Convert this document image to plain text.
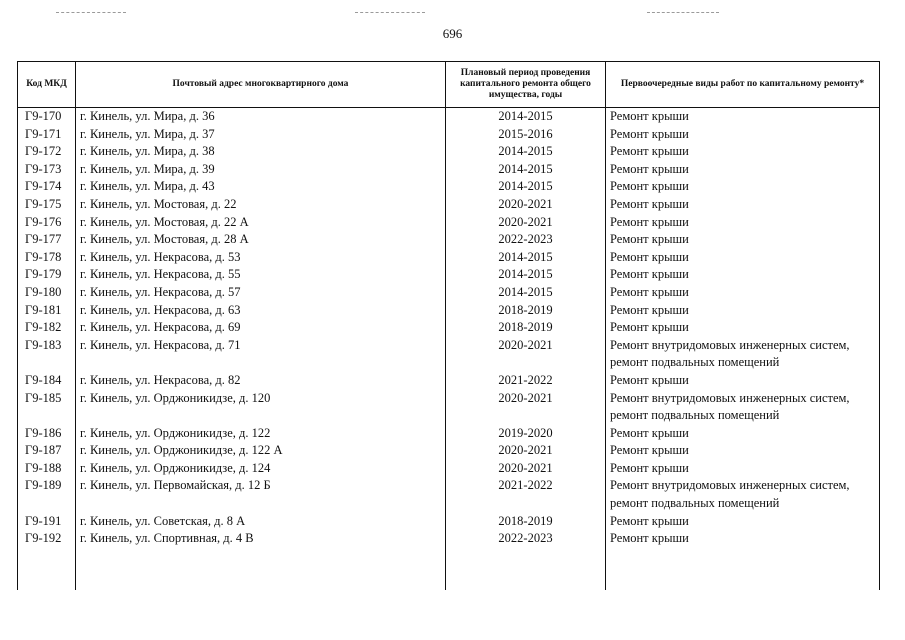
696
Код МКД	Почтовый адрес многоквартирного дома	Плановый период проведения капитального ремонта общего имущества, годы	Первоочередные виды работ по капитальному ремонту*
Г9-170	г. Кинель, ул. Мира, д. 36	2014-2015	Ремонт крыши

Г9-171	г. Кинель, ул. Мира, д. 37	2015-2016	Ремонт крыши

Г9-172	г. Кинель, ул. Мира, д. 38	2014-2015	Ремонт крыши

Г9-173	г. Кинель, ул. Мира, д. 39	2014-2015	Ремонт крыши

Г9-174	г. Кинель, ул. Мира, д. 43	2014-2015	Ремонт крыши

Г9-175	г. Кинель, ул. Мостовая, д. 22	2020-2021	Ремонт крыши

Г9-176	г. Кинель, ул. Мостовая, д. 22 А	2020-2021	Ремонт крыши

Г9-177	г. Кинель, ул. Мостовая, д. 28 А	2022-2023	Ремонт крыши

Г9-178	г. Кинель, ул. Некрасова, д. 53	2014-2015	Ремонт крыши

Г9-179	г. Кинель, ул. Некрасова, д. 55	2014-2015	Ремонт крыши

Г9-180	г. Кинель, ул. Некрасова, д. 57	2014-2015	Ремонт крыши

Г9-181	г. Кинель, ул. Некрасова, д. 63	2018-2019	Ремонт крыши

Г9-182	г. Кинель, ул. Некрасова, д. 69	2018-2019	Ремонт крыши

Г9-183	г. Кинель, ул. Некрасова, д. 71	2020-2021	Ремонт внутридомовых инженерных систем,
ремонт подвальных помещений

Г9-184	г. Кинель, ул. Некрасова, д. 82	2021-2022	Ремонт крыши

Г9-185	г. Кинель, ул. Орджоникидзе, д. 120	2020-2021	Ремонт внутридомовых инженерных систем,
ремонт подвальных помещений

Г9-186	г. Кинель, ул. Орджоникидзе, д. 122	2019-2020	Ремонт крыши

Г9-187	г. Кинель, ул. Орджоникидзе, д. 122 А	2020-2021	Ремонт крыши

Г9-188	г. Кинель, ул. Орджоникидзе, д. 124	2020-2021	Ремонт крыши

Г9-189	г. Кинель, ул. Первомайская, д. 12 Б	2021-2022	Ремонт внутридомовых инженерных систем,
ремонт подвальных помещений

Г9-191	г. Кинель, ул. Советская, д. 8 А	2018-2019	Ремонт крыши

Г9-192	г. Кинель, ул. Спортивная, д. 4 В	2022-2023	Ремонт крыши
